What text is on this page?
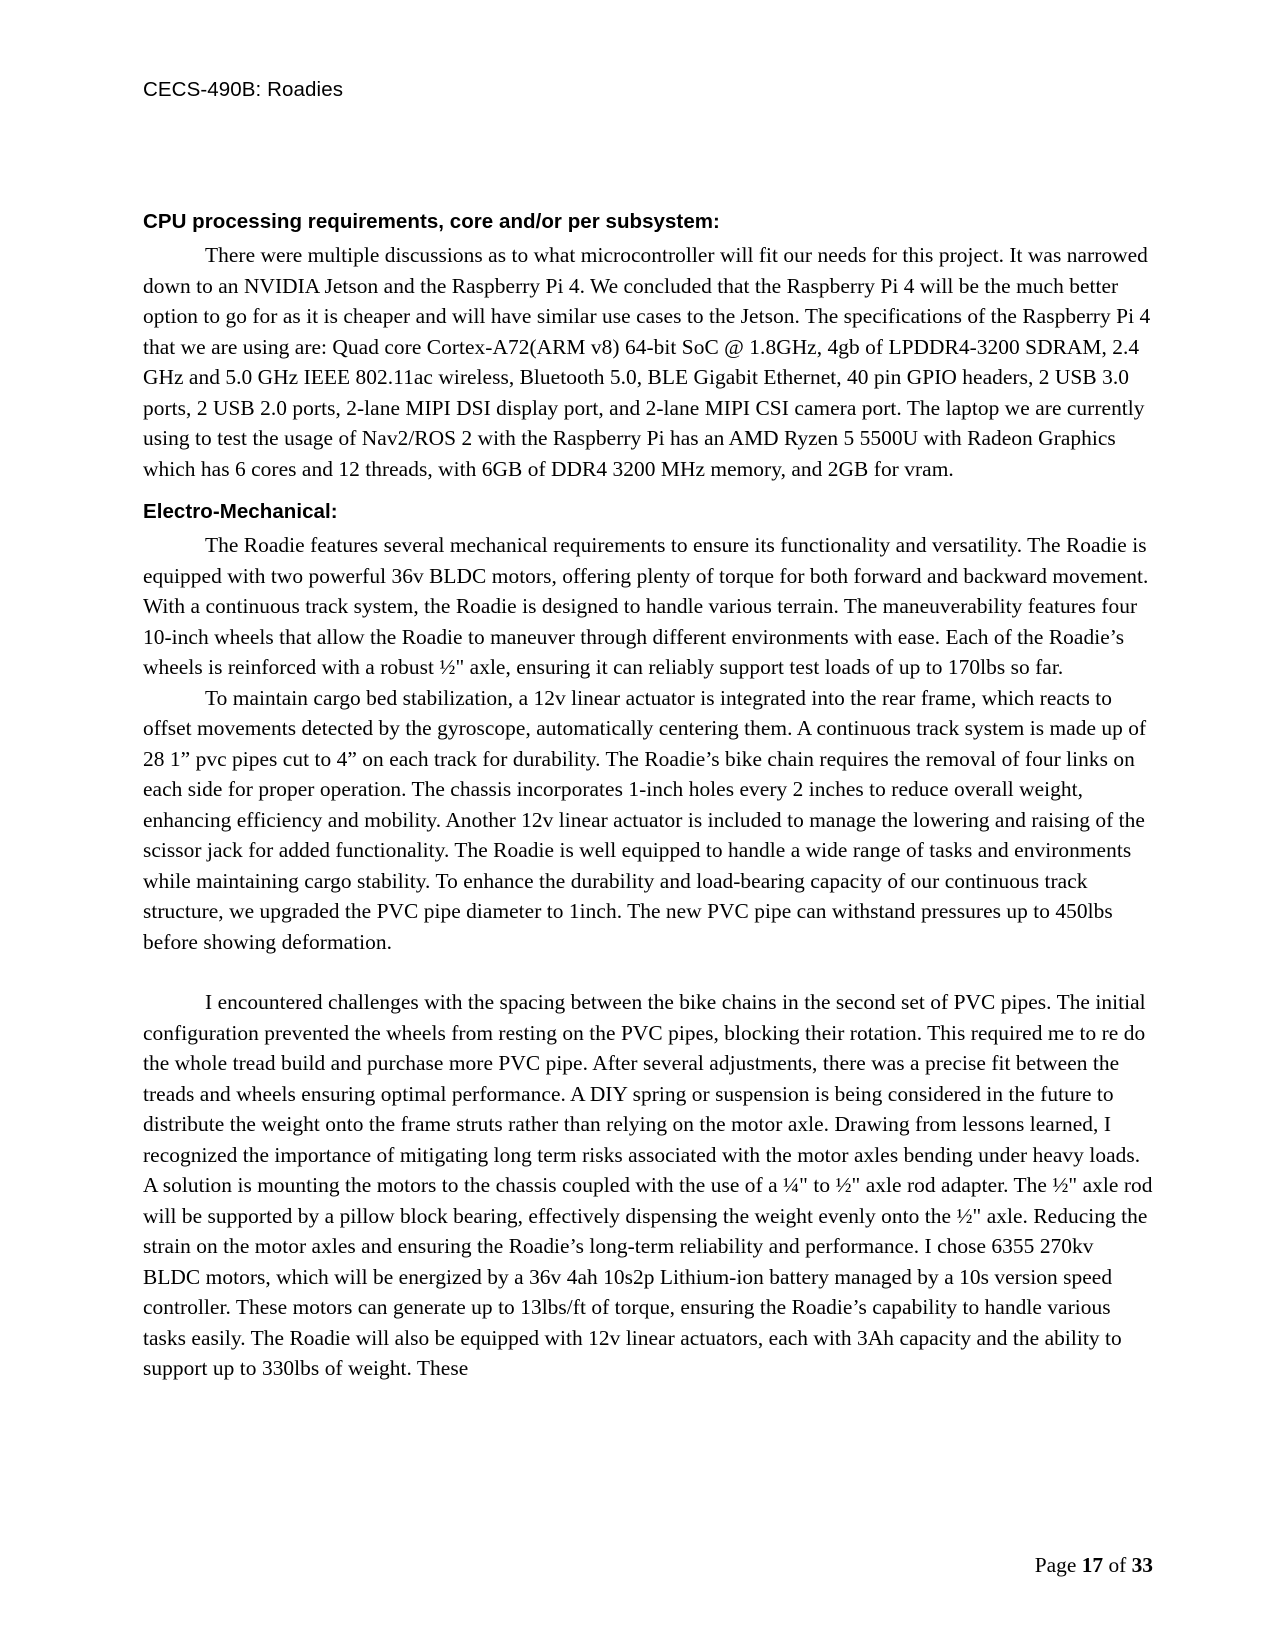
CECS-490B: Roadies
CPU processing requirements, core and/or per subsystem:

There were multiple discussions as to what microcontroller will fit our needs for this project. It was narrowed down to an NVIDIA Jetson and the Raspberry Pi 4. We concluded that the Raspberry Pi 4 will be the much better option to go for as it is cheaper and will have similar use cases to the Jetson. The specifications of the Raspberry Pi 4 that we are using are: Quad core Cortex-A72(ARM v8) 64-bit SoC @ 1.8GHz, 4gb of LPDDR4-3200 SDRAM, 2.4 GHz and 5.0 GHz IEEE 802.11ac wireless, Bluetooth 5.0, BLE Gigabit Ethernet, 40 pin GPIO headers, 2 USB 3.0 ports, 2 USB 2.0 ports, 2-lane MIPI DSI display port, and 2-lane MIPI CSI camera port. The laptop we are currently using to test the usage of Nav2/ROS 2 with the Raspberry Pi has an AMD Ryzen 5 5500U with Radeon Graphics which has 6 cores and 12 threads, with 6GB of DDR4 3200 MHz memory, and 2GB for vram.

Electro-Mechanical:

The Roadie features several mechanical requirements to ensure its functionality and versatility. The Roadie is equipped with two powerful 36v BLDC motors, offering plenty of torque for both forward and backward movement. With a continuous track system, the Roadie is designed to handle various terrain. The maneuverability features four 10-inch wheels that allow the Roadie to maneuver through different environments with ease. Each of the Roadie’s wheels is reinforced with a robust ½" axle, ensuring it can reliably support test loads of up to 170lbs so far.

To maintain cargo bed stabilization, a 12v linear actuator is integrated into the rear frame, which reacts to offset movements detected by the gyroscope, automatically centering them. A continuous track system is made up of 28 1” pvc pipes cut to 4” on each track for durability. The Roadie’s bike chain requires the removal of four links on each side for proper operation. The chassis incorporates 1-inch holes every 2 inches to reduce overall weight, enhancing efficiency and mobility. Another 12v linear actuator is included to manage the lowering and raising of the scissor jack for added functionality. The Roadie is well equipped to handle a wide range of tasks and environments while maintaining cargo stability. To enhance the durability and load-bearing capacity of our continuous track structure, we upgraded the PVC pipe diameter to 1inch. The new PVC pipe can withstand pressures up to 450lbs before showing deformation.

I encountered challenges with the spacing between the bike chains in the second set of PVC pipes. The initial configuration prevented the wheels from resting on the PVC pipes, blocking their rotation. This required me to re do the whole tread build and purchase more PVC pipe. After several adjustments, there was a precise fit between the treads and wheels ensuring optimal performance. A DIY spring or suspension is being considered in the future to distribute the weight onto the frame struts rather than relying on the motor axle. Drawing from lessons learned, I recognized the importance of mitigating long term risks associated with the motor axles bending under heavy loads. A solution is mounting the motors to the chassis coupled with the use of a ¼" to ½" axle rod adapter. The ½" axle rod will be supported by a pillow block bearing, effectively dispensing the weight evenly onto the ½" axle. Reducing the strain on the motor axles and ensuring the Roadie’s long-term reliability and performance. I chose 6355 270kv BLDC motors, which will be energized by a 36v 4ah 10s2p Lithium-ion battery managed by a 10s version speed controller. These motors can generate up to 13lbs/ft of torque, ensuring the Roadie’s capability to handle various tasks easily. The Roadie will also be equipped with 12v linear actuators, each with 3Ah capacity and the ability to support up to 330lbs of weight. These

Page 17 of 33
